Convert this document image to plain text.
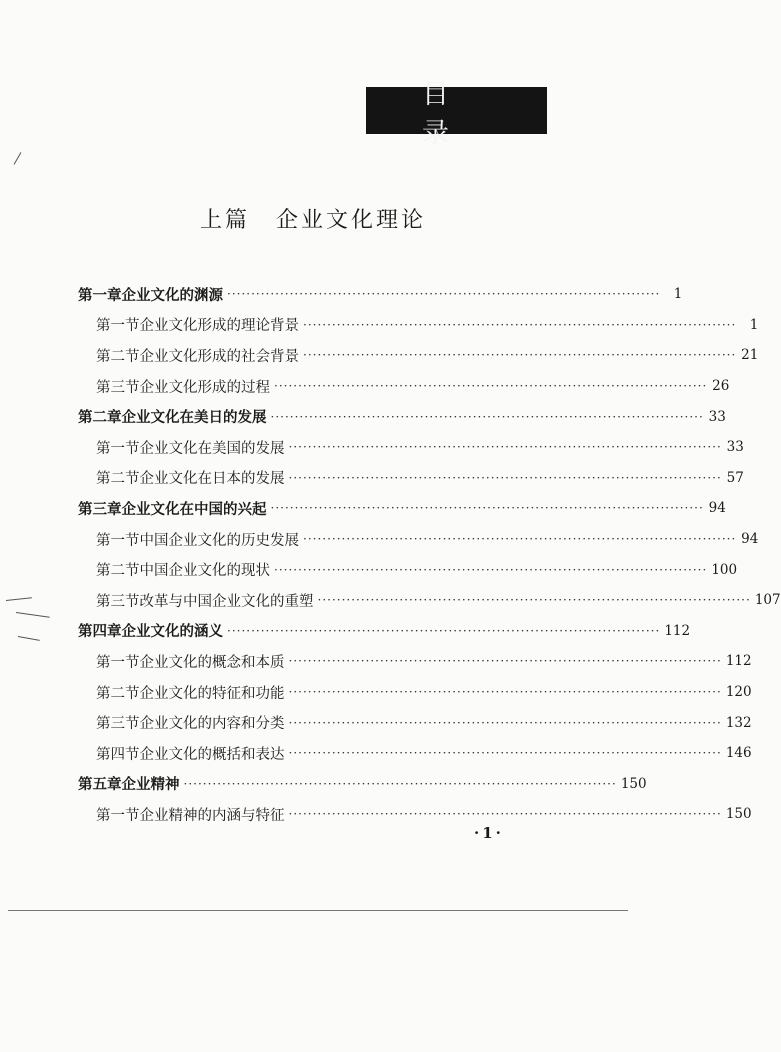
目 录
上篇 企业文化理论
第一章 企业文化的渊源 ·························································································· 1
第一节 企业文化形成的理论背景 ·························································································· 1
第二节 企业文化形成的社会背景 ·························································································· 21
第三节 企业文化形成的过程 ·························································································· 26
第二章 企业文化在美日的发展 ·························································································· 33
第一节 企业文化在美国的发展 ·························································································· 33
第二节 企业文化在日本的发展 ·························································································· 57
第三章 企业文化在中国的兴起 ·························································································· 94
第一节 中国企业文化的历史发展 ·························································································· 94
第二节 中国企业文化的现状 ·························································································· 100
第三节 改革与中国企业文化的重塑 ·························································································· 107
第四章 企业文化的涵义 ·························································································· 112
第一节 企业文化的概念和本质 ·························································································· 112
第二节 企业文化的特征和功能 ·························································································· 120
第三节 企业文化的内容和分类 ·························································································· 132
第四节 企业文化的概括和表达 ·························································································· 146
第五章 企业精神 ·························································································· 150
第一节 企业精神的内涵与特征 ·························································································· 150
·1·
